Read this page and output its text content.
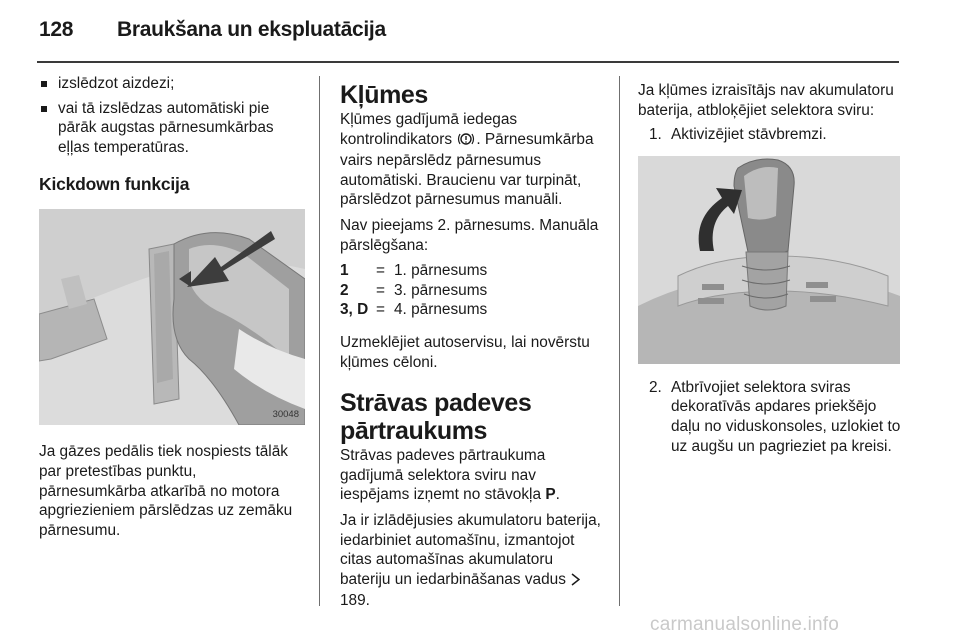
128 Braukšana un ekspluatācija
izslēdzot aizdezi;
vai tā izslēdzas automātiski pie pārāk augstas pārnesumkārbas eļļas temperatūras.
Kickdown funkcija
30048
Ja gāzes pedālis tiek nospiests tālāk par pretestības punktu, pārnesumkārba atkarībā no motora apgriezieniem pārslēdzas uz zemāku pārnesumu.
Kļūmes
Kļūmes gadījumā iedegas kontrolindikators . Pārnesumkārba vairs nepārslēdz pārnesumus automātiski. Braucienu var turpināt, pārslēdzot pārnesumus manuāli.
Nav pieejams 2. pārnesums. Manuāla pārslēgšana:
1	=	1. pārnesums
2	=	3. pārnesums
3, D	=	4. pārnesums
Uzmeklējiet autoservisu, lai novērstu kļūmes cēloni.
Strāvas padeves pārtraukums
Strāvas padeves pārtraukuma gadījumā selektora sviru nav iespējams izņemt no stāvokļa P.
Ja ir izlādējusies akumulatoru baterija, iedarbiniet automašīnu, izmantojot citas automašīnas akumulatoru bateriju un iedarbināšanas vadus  189.
Ja kļūmes izraisītājs nav akumulatoru baterija, atbloķējiet selektora sviru:
1. Aktivizējiet stāvbremzi.
2. Atbrīvojiet selektora sviras dekoratīvās apdares priekšējo daļu no viduskonsoles, uzlokiet to uz augšu un pagrieziet pa kreisi.
carmanualsonline.info
